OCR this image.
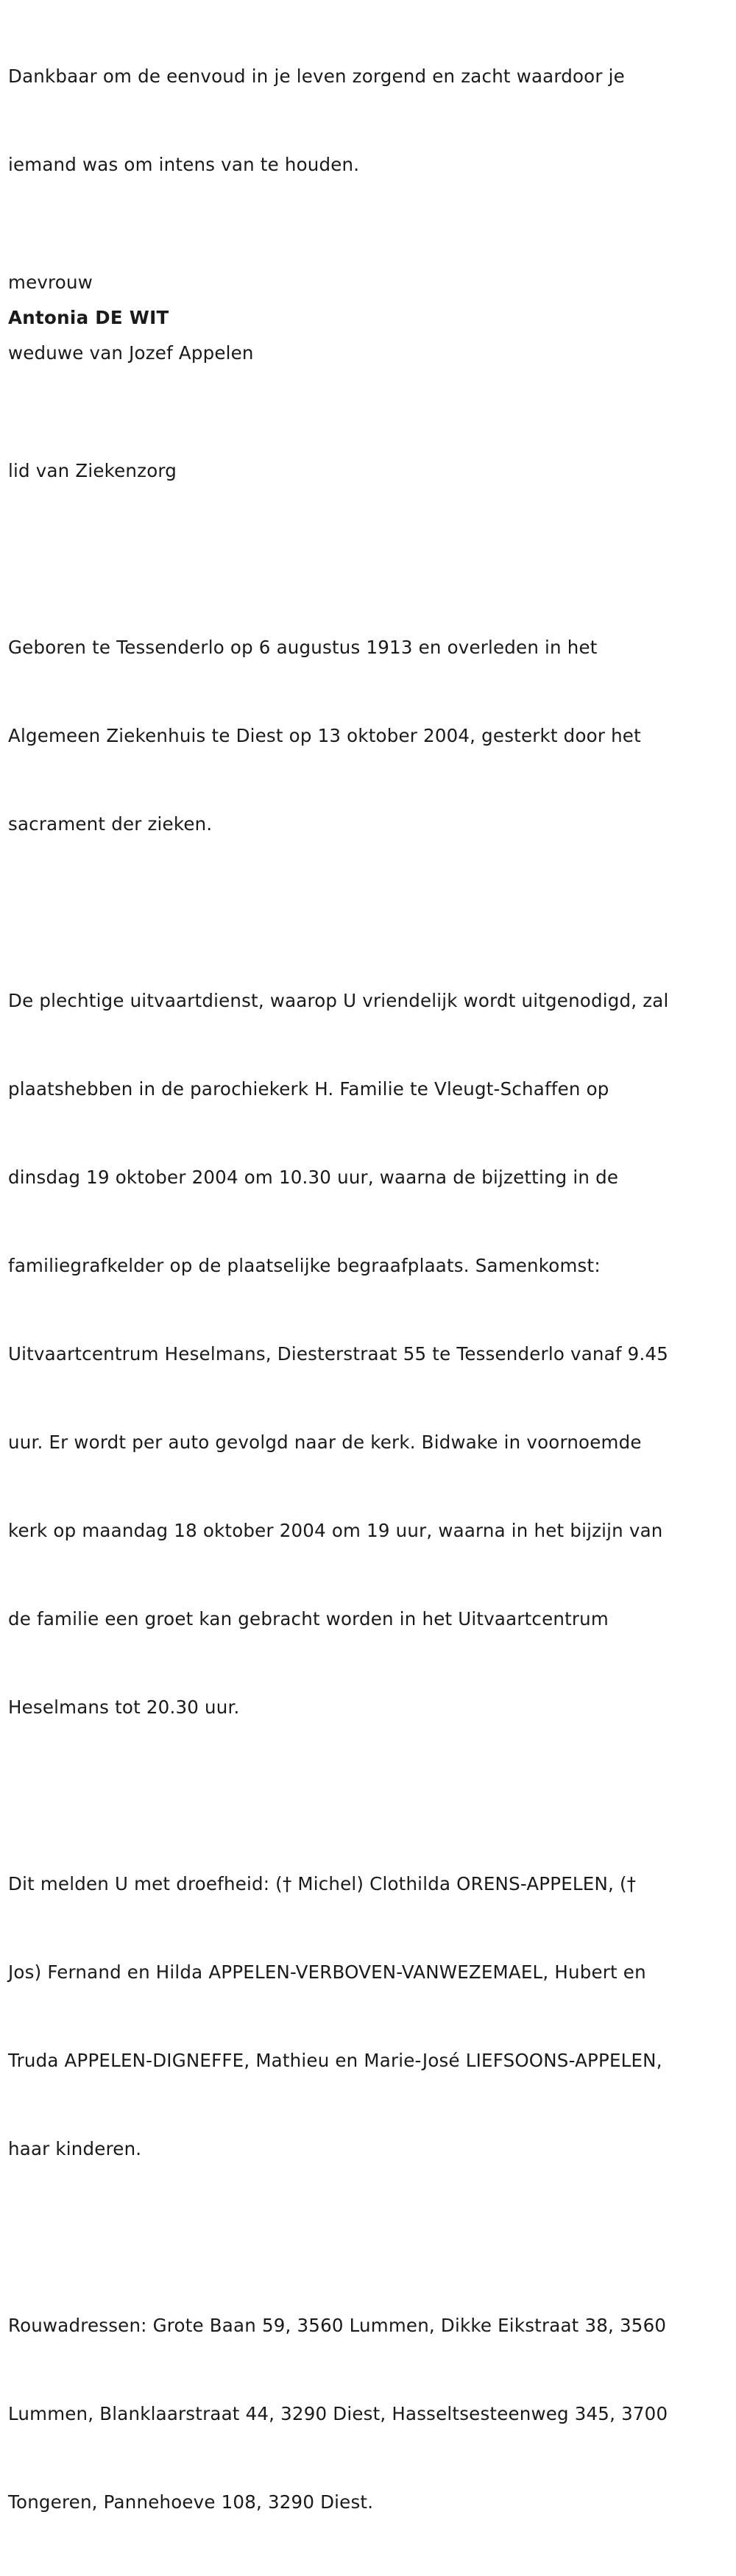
Dankbaar om de eenvoud in je leven zorgend en zacht waardoor je

iemand was om intens van te houden.

mevrouw
Antonia DE WIT
weduwe van Jozef Appelen

lid van Ziekenzorg

Geboren te Tessenderlo op 6 augustus 1913 en overleden in het

Algemeen Ziekenhuis te Diest op 13 oktober 2004, gesterkt door het

sacrament der zieken.

De plechtige uitvaartdienst, waarop U vriendelijk wordt uitgenodigd, zal

plaatshebben in de parochiekerk H. Familie te Vleugt-Schaffen op

dinsdag 19 oktober 2004 om 10.30 uur, waarna de bijzetting in de

familiegrafkelder op de plaatselijke begraafplaats. Samenkomst:

Uitvaartcentrum Heselmans, Diesterstraat 55 te Tessenderlo vanaf 9.45

uur. Er wordt per auto gevolgd naar de kerk. Bidwake in voornoemde

kerk op maandag 18 oktober 2004 om 19 uur, waarna in het bijzijn van

de familie een groet kan gebracht worden in het Uitvaartcentrum

Heselmans tot 20.30 uur.

Dit melden U met droefheid: († Michel) Clothilda ORENS-APPELEN, (†

Jos) Fernand en Hilda APPELEN-VERBOVEN-VANWEZEMAEL, Hubert en

Truda APPELEN-DIGNEFFE, Mathieu en Marie-José LIEFSOONS-APPELEN,

haar kinderen.

Rouwadressen: Grote Baan 59, 3560 Lummen, Dikke Eikstraat 38, 3560

Lummen, Blanklaarstraat 44, 3290 Diest, Hasseltsesteenweg 345, 3700

Tongeren, Pannehoeve 108, 3290 Diest.
